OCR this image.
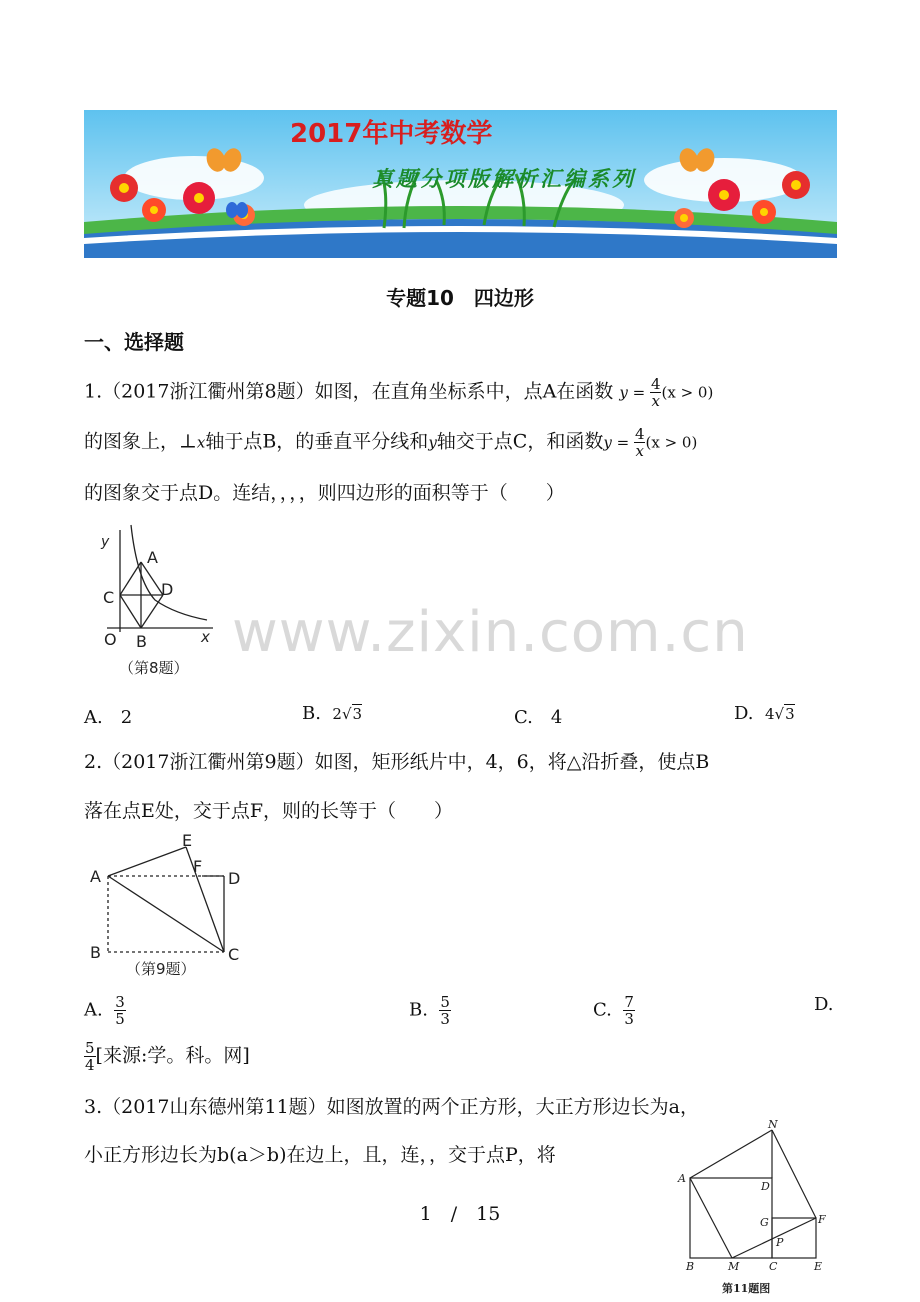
2017年中考数学
真题分项版解析汇编系列
专题10　四边形
一、选择题
1.（2017浙江衢州第8题）如图，在直角坐标系中，点A在函数 $y = \frac{4}{x} (x > 0)$
的图象上，⊥x轴于点B，的垂直平分线和y轴交于点C，和函数$y = \frac{4}{x} (x > 0)$
的图象交于点D。连结，，，，则四边形的面积等于（　　）
y
A
D
C
O B	x
（第8题）
A.　2	B. 2√3	C.　4	D. 4√3
2.（2017浙江衢州第9题）如图，矩形纸片中，4，6，将△沿折叠，使点B
落在点E处，交于点F，则的长等于（　　）
A
E
F
D
B	C
（第9题）
A. $\frac{3}{5}$	B. $\frac{5}{3}$	C. $\frac{7}{3}$	D.
$\frac{5}{4}$ [来源:学。科。网]
3.（2017山东德州第11题）如图放置的两个正方形，大正方形边长为a，
小正方形边长为b(a＞b)在边上，且，连，，交于点P，将
A
N
D
G	F
P
B	M	C	E
第11题图
www.zixin.com.cn
1　/　15
